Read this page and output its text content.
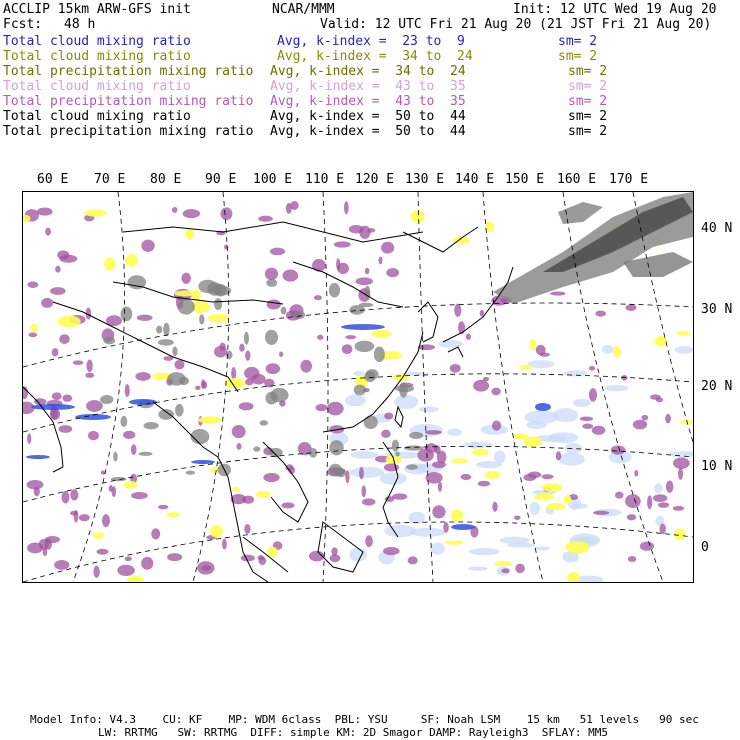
ACCLIP 15km ARW-GFS init	NCAR/MMM	Init: 12 UTC Wed 19 Aug 20
Fcst: 48 h	Valid: 12 UTC Fri 21 Aug 20 (21 JST Fri 21 Aug 20)
Total cloud mixing ratio	Avg, k-index =  23 to  9	sm= 2
Total cloud mixing ratio	Avg, k-index =  34 to  24	sm= 2
Total precipitation mixing ratio Avg, k-index =  34 to  24	sm= 2
Total cloud mixing ratio	Avg, k-index =  43 to  35	sm= 2
Total precipitation mixing ratio Avg, k-index =  43 to  35	sm= 2
Total cloud mixing ratio	Avg, k-index =  50 to  44	sm= 2
Total precipitation mixing ratio Avg, k-index =  50 to  44	sm= 2
60 E 70 E 80 E 90 E 100 E 110 E 120 E 130 E 140 E 150 E 160 E 170 E
40 N
30 N
20 N
10 N
0
Model Info: V4.3    CU: KF    MP: WDM 6class  PBL: YSU     SF: Noah LSM    15 km   51 levels   90 sec
LW: RRTMG   SW: RRTMG  DIFF: simple KM: 2D Smagor DAMP: Rayleigh3  SFLAY: MM5
